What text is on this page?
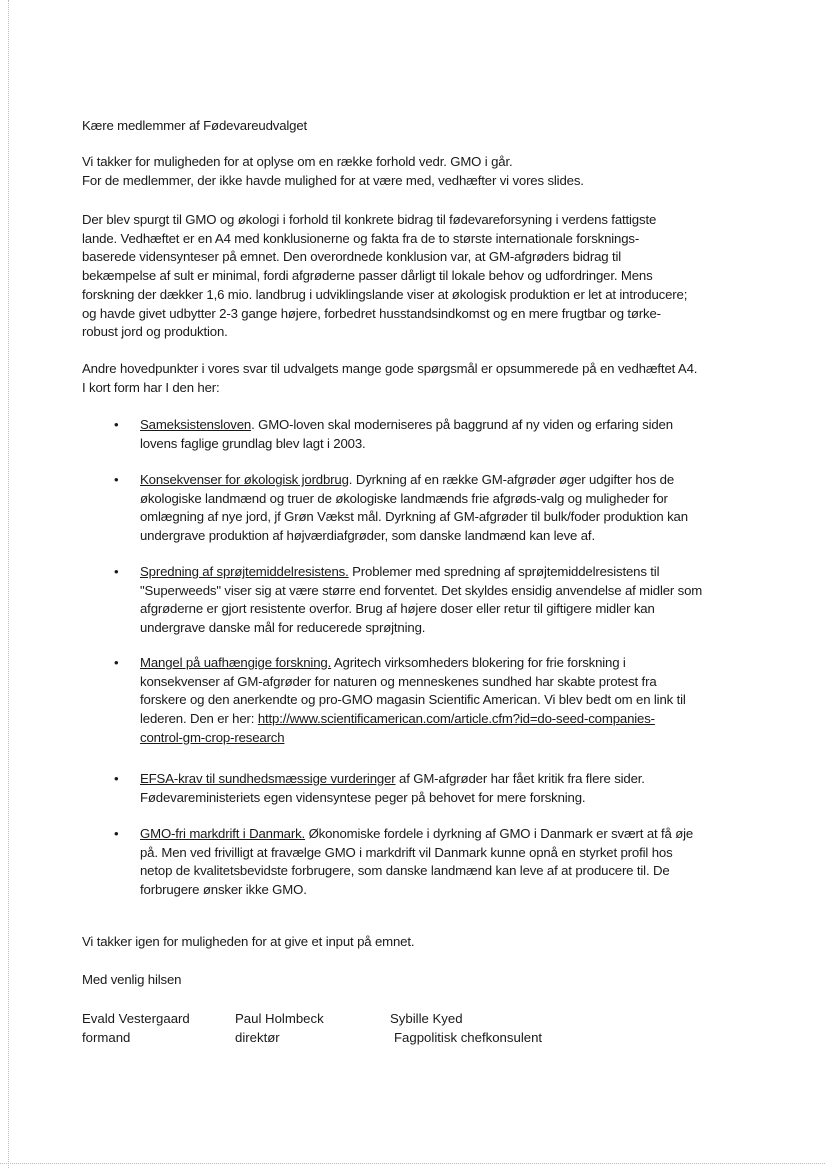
Kære medlemmer af Fødevareudvalget
Vi takker for muligheden for at oplyse om en række forhold vedr. GMO i går.
For de medlemmer, der ikke havde mulighed for at være med, vedhæfter vi vores slides.
Der blev spurgt til GMO og økologi i forhold til konkrete bidrag til fødevareforsyning i verdens fattigste
lande. Vedhæftet er en A4 med konklusionerne og fakta fra de to største internationale forsknings-
baserede vidensynteser på emnet. Den overordnede konklusion var, at GM-afgrøders bidrag til
bekæmpelse af sult er minimal, fordi afgrøderne passer dårligt til lokale behov og udfordringer. Mens
forskning der dækker 1,6 mio. landbrug i udviklingslande viser at økologisk produktion er let at introducere;
og havde givet udbytter 2-3 gange højere, forbedret husstandsindkomst og en mere frugtbar og tørke-
robust jord og produktion.
Andre hovedpunkter i vores svar til udvalgets mange gode spørgsmål er opsummerede på en vedhæftet A4.
I kort form har I den her:
• Sameksistensloven. GMO-loven skal moderniseres på baggrund af ny viden og erfaring siden
lovens faglige grundlag blev lagt i 2003.
• Konsekvenser for økologisk jordbrug. Dyrkning af en række GM-afgrøder øger udgifter hos de
økologiske landmænd og truer de økologiske landmænds frie afgrøds-valg og muligheder for
omlægning af nye jord, jf Grøn Vækst mål. Dyrkning af GM-afgrøder til bulk/foder produktion kan
undergrave produktion af højværdiafgrøder, som danske landmænd kan leve af.
• Spredning af sprøjtemiddelresistens. Problemer med spredning af sprøjtemiddelresistens til
"Superweeds" viser sig at være større end forventet. Det skyldes ensidig anvendelse af midler som
afgrøderne er gjort resistente overfor. Brug af højere doser eller retur til giftigere midler kan
undergrave danske mål for reducerede sprøjtning.
• Mangel på uafhængige forskning. Agritech virksomheders blokering for frie forskning i
konsekvenser af GM-afgrøder for naturen og menneskenes sundhed har skabte protest fra
forskere og den anerkendte og pro-GMO magasin Scientific American. Vi blev bedt om en link til
lederen. Den er her: http://www.scientificamerican.com/article.cfm?id=do-seed-companies-
control-gm-crop-research
• EFSA-krav til sundhedsmæssige vurderinger af GM-afgrøder har fået kritik fra flere sider.
Fødevareministeriets egen vidensyntese peger på behovet for mere forskning.
• GMO-fri markdrift i Danmark. Økonomiske fordele i dyrkning af GMO i Danmark er svært at få øje
på. Men ved frivilligt at fravælge GMO i markdrift vil Danmark kunne opnå en styrket profil hos
netop de kvalitetsbevidste forbrugere, som danske landmænd kan leve af at producere til. De
forbrugere ønsker ikke GMO.
Vi takker igen for muligheden for at give et input på emnet.
Med venlig hilsen
Evald Vestergaard
formand
Paul Holmbeck
direktør
Sybille Kyed
Fagpolitisk chefkonsulent
